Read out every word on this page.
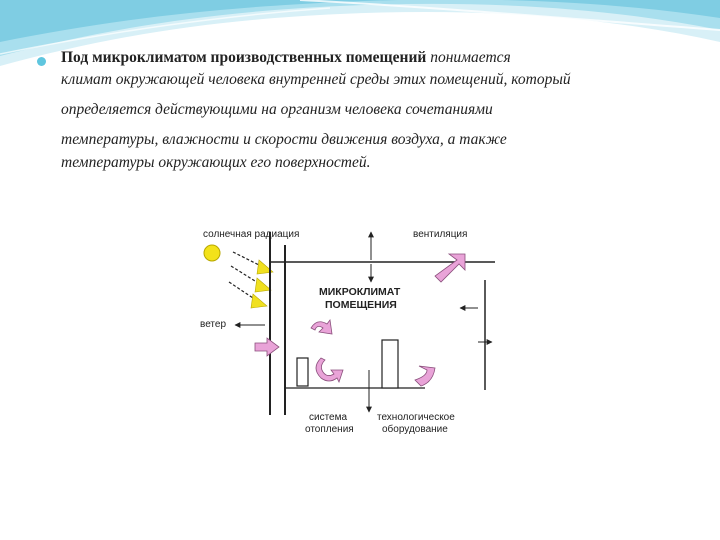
Под микроклиматом производственных помещений понимается
климат окружающей человека внутренней среды этих помещений, который
определяется действующими на организм человека сочетаниями
температуры, влажности и скорости движения воздуха, а также
температуры окружающих его поверхностей.
солнечная радиация	вентиляция
МИКРОКЛИМАТ
ПОМЕЩЕНИЯ
ветер
система
отопления
технологическое
оборудование
